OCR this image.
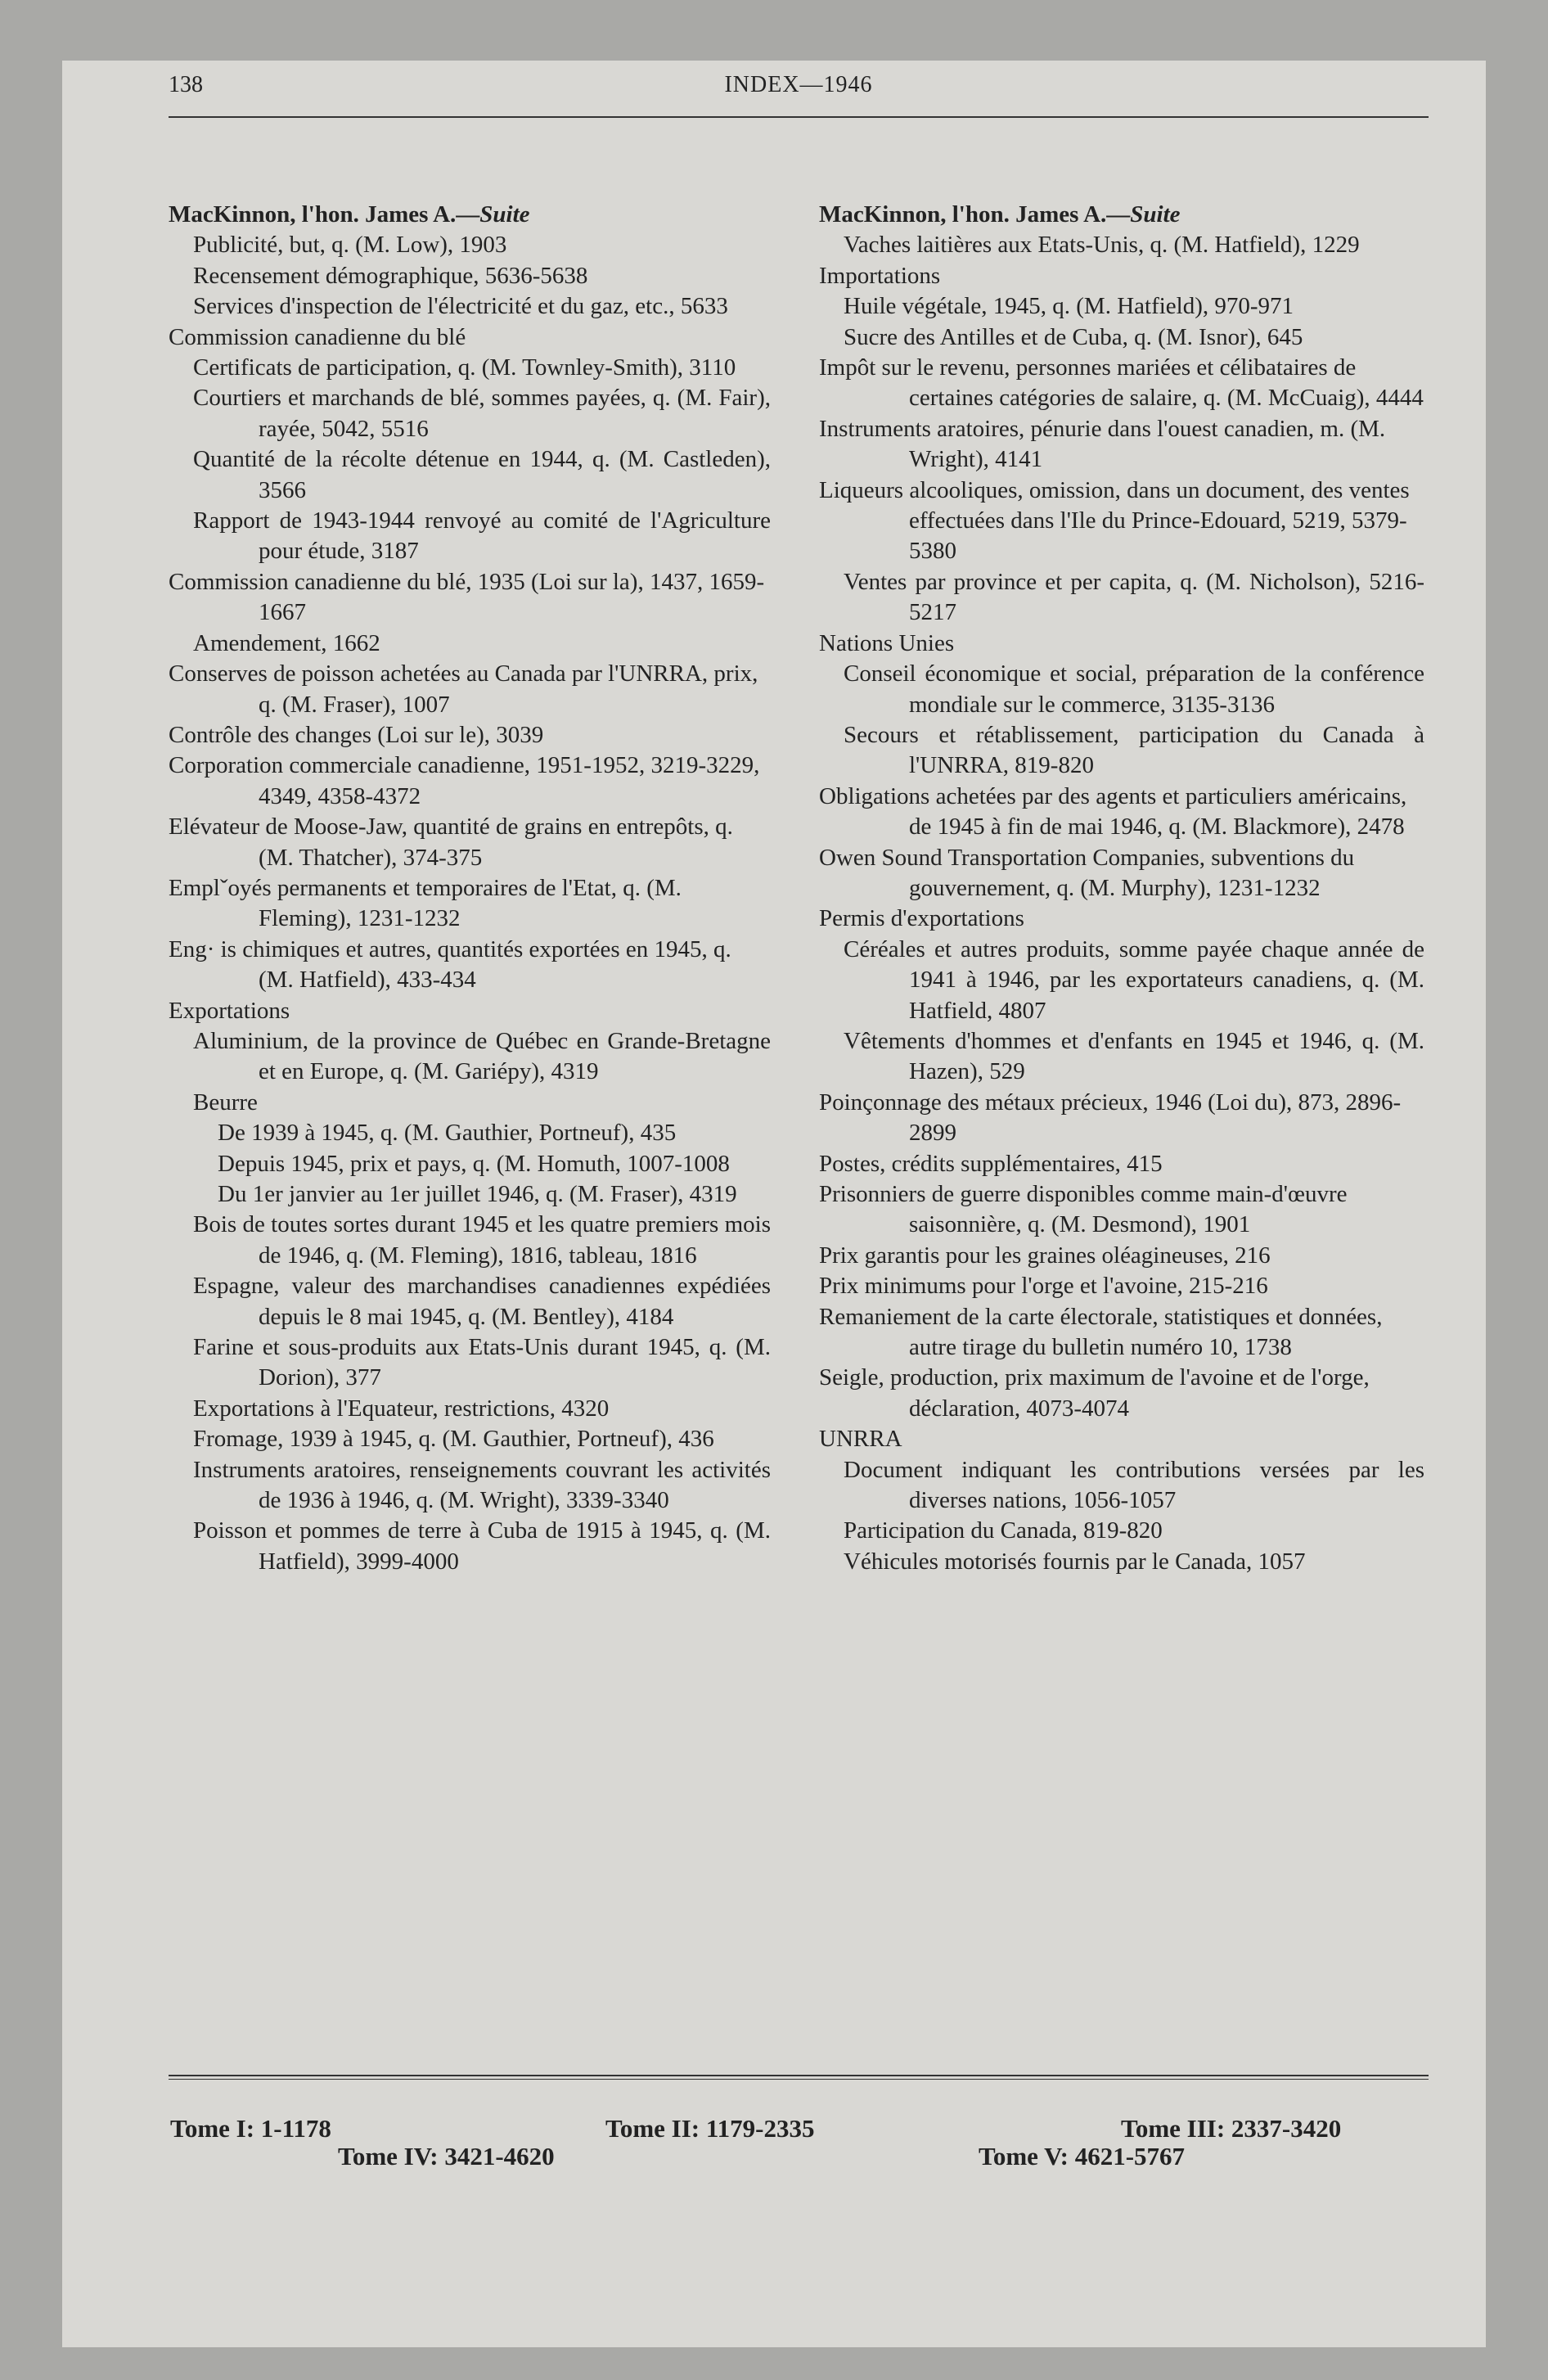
138	INDEX—1946
MacKinnon, l'hon. James A.—Suite

Publicité, but, q. (M. Low), 1903

Recensement démographique, 5636-5638

Services d'inspection de l'électricité et du gaz, etc., 5633

Commission canadienne du blé

Certificats de participation, q. (M. Townley-Smith), 3110

Courtiers et marchands de blé, sommes payées, q. (M. Fair), rayée, 5042, 5516

Quantité de la récolte détenue en 1944, q. (M. Castleden), 3566

Rapport de 1943-1944 renvoyé au comité de l'Agriculture pour étude, 3187

Commission canadienne du blé, 1935 (Loi sur la), 1437, 1659-1667

Amendement, 1662

Conserves de poisson achetées au Canada par l'UNRRA, prix, q. (M. Fraser), 1007

Contrôle des changes (Loi sur le), 3039

Corporation commerciale canadienne, 1951-1952, 3219-3229, 4349, 4358-4372

Elévateur de Moose-Jaw, quantité de grains en entrepôts, q. (M. Thatcher), 374-375

Emplˇoyés permanents et temporaires de l'Etat, q. (M. Fleming), 1231-1232

Eng· is chimiques et autres, quantités exportées en 1945, q. (M. Hatfield), 433-434

Exportations

Aluminium, de la province de Québec en Grande-Bretagne et en Europe, q. (M. Gariépy), 4319

Beurre

De 1939 à 1945, q. (M. Gauthier, Portneuf), 435

Depuis 1945, prix et pays, q. (M. Homuth, 1007-1008

Du 1er janvier au 1er juillet 1946, q. (M. Fraser), 4319

Bois de toutes sortes durant 1945 et les quatre premiers mois de 1946, q. (M. Fleming), 1816, tableau, 1816

Espagne, valeur des marchandises canadiennes expédiées depuis le 8 mai 1945, q. (M. Bentley), 4184

Farine et sous-produits aux Etats-Unis durant 1945, q. (M. Dorion), 377

Exportations à l'Equateur, restrictions, 4320

Fromage, 1939 à 1945, q. (M. Gauthier, Portneuf), 436

Instruments aratoires, renseignements couvrant les activités de 1936 à 1946, q. (M. Wright), 3339-3340

Poisson et pommes de terre à Cuba de 1915 à 1945, q. (M. Hatfield), 3999-4000

MacKinnon, l'hon. James A.—Suite

Vaches laitières aux Etats-Unis, q. (M. Hatfield), 1229

Importations

Huile végétale, 1945, q. (M. Hatfield), 970-971

Sucre des Antilles et de Cuba, q. (M. Isnor), 645

Impôt sur le revenu, personnes mariées et célibataires de certaines catégories de salaire, q. (M. McCuaig), 4444

Instruments aratoires, pénurie dans l'ouest canadien, m. (M. Wright), 4141

Liqueurs alcooliques, omission, dans un document, des ventes effectuées dans l'Ile du Prince-Edouard, 5219, 5379-5380

Ventes par province et per capita, q. (M. Nicholson), 5216-5217

Nations Unies

Conseil économique et social, préparation de la conférence mondiale sur le commerce, 3135-3136

Secours et rétablissement, participation du Canada à l'UNRRA, 819-820

Obligations achetées par des agents et particuliers américains, de 1945 à fin de mai 1946, q. (M. Blackmore), 2478

Owen Sound Transportation Companies, subventions du gouvernement, q. (M. Murphy), 1231-1232

Permis d'exportations

Céréales et autres produits, somme payée chaque année de 1941 à 1946, par les exportateurs canadiens, q. (M. Hatfield, 4807

Vêtements d'hommes et d'enfants en 1945 et 1946, q. (M. Hazen), 529

Poinçonnage des métaux précieux, 1946 (Loi du), 873, 2896-2899

Postes, crédits supplémentaires, 415

Prisonniers de guerre disponibles comme main-d'œuvre saisonnière, q. (M. Desmond), 1901

Prix garantis pour les graines oléagineuses, 216

Prix minimums pour l'orge et l'avoine, 215-216

Remaniement de la carte électorale, statistiques et données, autre tirage du bulletin numéro 10, 1738

Seigle, production, prix maximum de l'avoine et de l'orge, déclaration, 4073-4074

UNRRA

Document indiquant les contributions versées par les diverses nations, 1056-1057

Participation du Canada, 819-820

Véhicules motorisés fournis par le Canada, 1057

Tome I: 1-1178	Tome II: 1179-2335	Tome III: 2337-3420
Tome IV: 3421-4620	Tome V: 4621-5767
